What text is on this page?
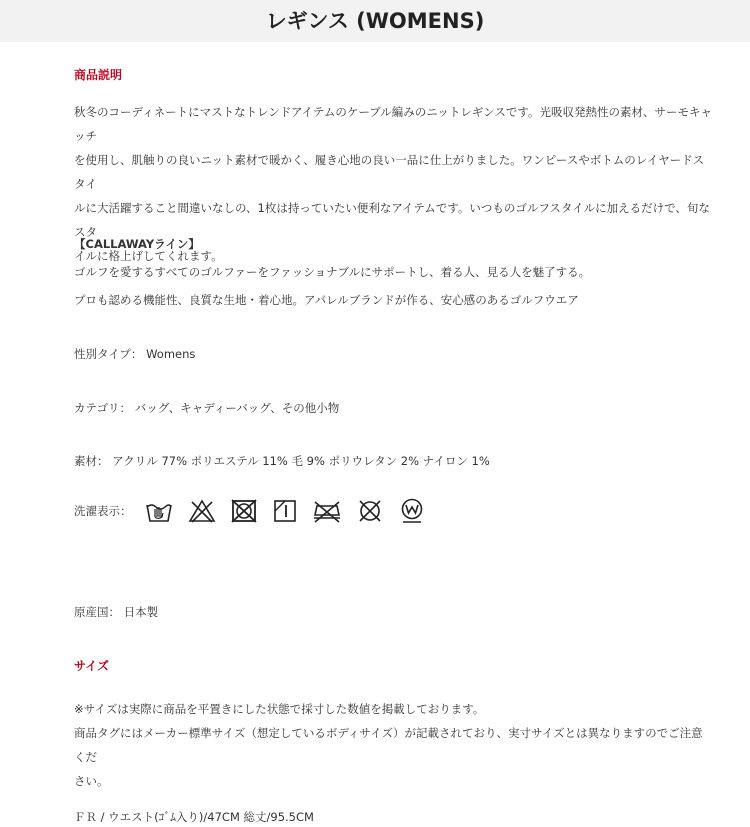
レギンス (WOMENS)
商品説明
秋冬のコーディネートにマストなトレンドアイテムのケーブル編みのニットレギンスです。光吸収発熱性の素材、サーモキャッチ
を使用し、肌触りの良いニット素材で暖かく、履き心地の良い一品に仕上がりました。ワンピースやボトムのレイヤードスタイ
ルに大活躍すること間違いなしの、1枚は持っていたい便利なアイテムです。いつものゴルフスタイルに加えるだけで、旬なスタ
イルに格上げしてくれます。
【CALLAWAYライン】
ゴルフを愛するすべてのゴルファーをファッショナブルにサポートし、着る人、見る人を魅了する。
プロも認める機能性、良質な生地・着心地。アパレルブランドが作る、安心感のあるゴルフウエア
性別タイプ： Womens
カテゴリ： バッグ、キャディーバッグ、その他小物
素材： アクリル 77% ポリエステル 11% 毛 9% ポリウレタン 2% ナイロン 1%
洗濯表示：
原産国： 日本製
サイズ
※サイズは実際に商品を平置きにした状態で採寸した数値を掲載しております。
商品タグにはメーカー標準サイズ（想定しているボディサイズ）が記載されており、実寸サイズとは異なりますのでご注意くだ
さい。
ＦＲ / ウエスト(ｺﾞﾑ入り)/47CM 総丈/95.5CM
